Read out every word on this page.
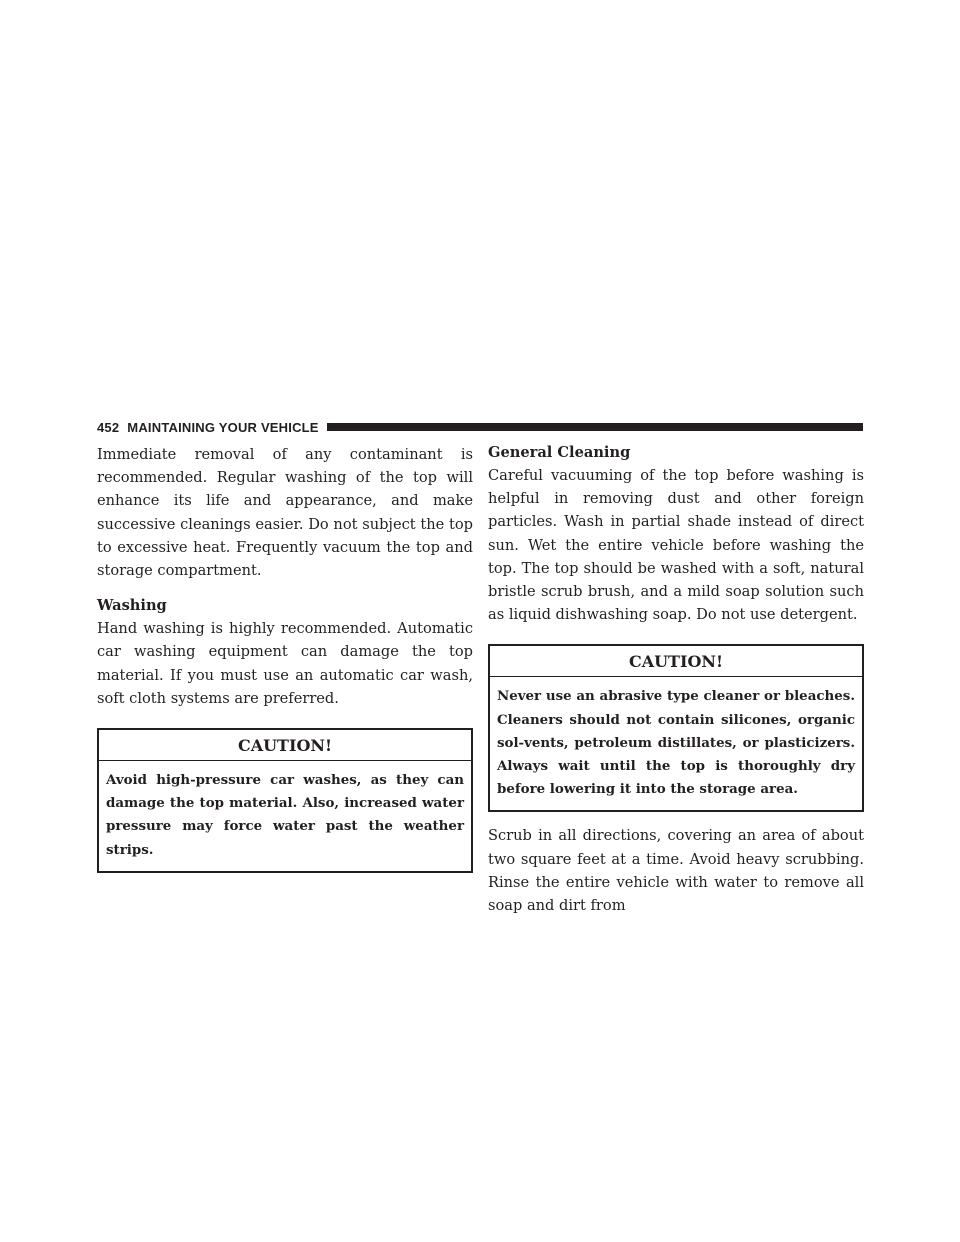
452 MAINTAINING YOUR VEHICLE

Immediate removal of any contaminant is recommended. Regular washing of the top will enhance its life and appearance, and make successive cleanings easier. Do not subject the top to excessive heat. Frequently vacuum the top and storage compartment.

Washing

Hand washing is highly recommended. Automatic car washing equipment can damage the top material. If you must use an automatic car wash, soft cloth systems are preferred.

CAUTION!
Avoid high-pressure car washes, as they can damage the top material. Also, increased water pressure may force water past the weather strips.
General Cleaning

Careful vacuuming of the top before washing is helpful in removing dust and other foreign particles. Wash in partial shade instead of direct sun. Wet the entire vehicle before washing the top. The top should be washed with a soft, natural bristle scrub brush, and a mild soap solution such as liquid dishwashing soap. Do not use detergent.

CAUTION!
Never use an abrasive type cleaner or bleaches. Cleaners should not contain silicones, organic sol-vents, petroleum distillates, or plasticizers. Always wait until the top is thoroughly dry before lowering it into the storage area.

Scrub in all directions, covering an area of about two square feet at a time. Avoid heavy scrubbing. Rinse the entire vehicle with water to remove all soap and dirt from
